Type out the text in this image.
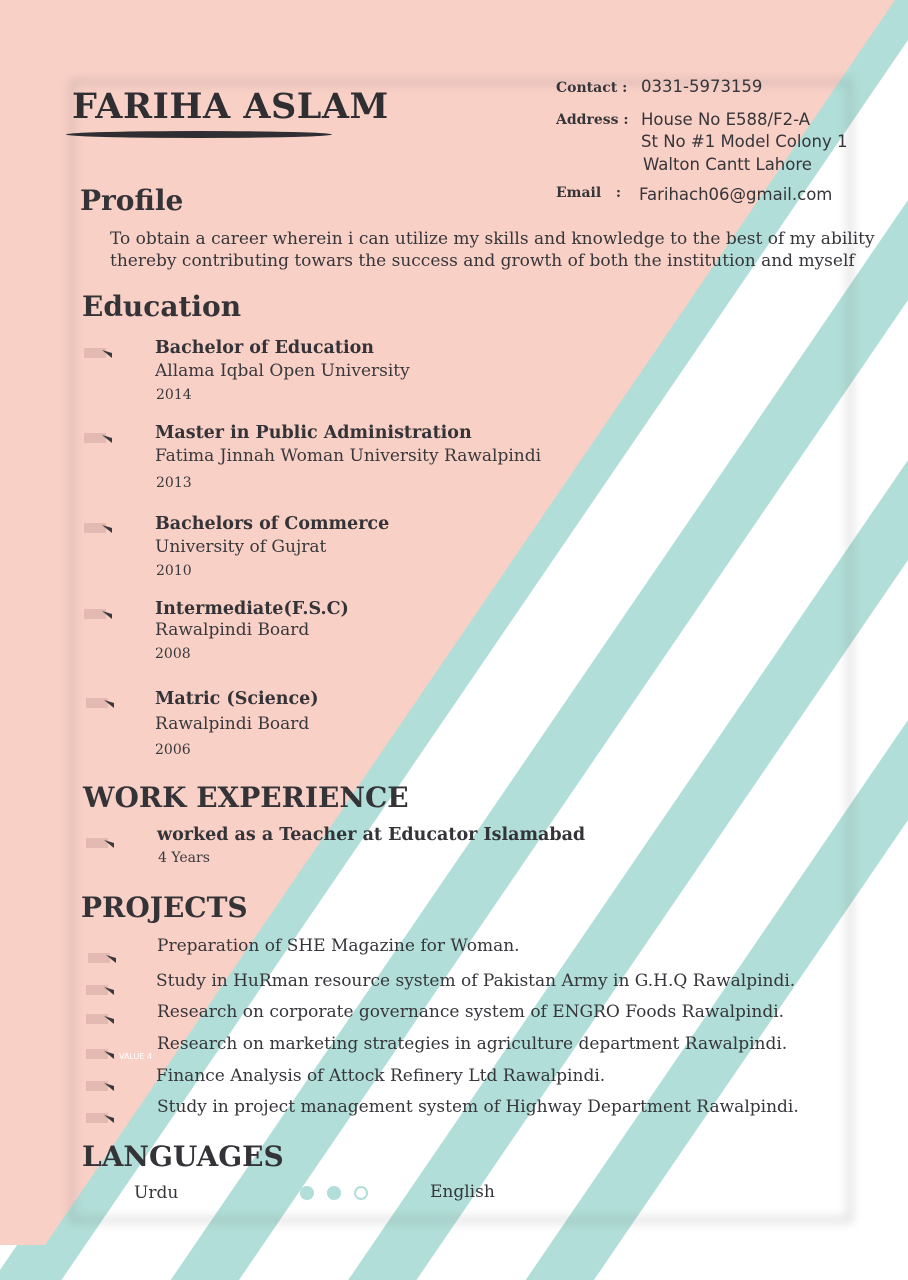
FARIHA ASLAM	Contact : 0331-5973159
Address : House No E588/F2-A
St No #1 Model Colony 1
Walton Cantt Lahore
Email   : Farihach06@gmail.com
Profile
To obtain a career wherein i can utilize my skills and knowledge to the best of my ability
thereby contributing towars the success and growth of both the institution and myself
Education
Bachelor of Education
Allama Iqbal Open University
2014
Master in Public Administration
Fatima Jinnah Woman University Rawalpindi
2013
Bachelors of Commerce
University of Gujrat
2010
Intermediate(F.S.C)
Rawalpindi Board
2008
Matric (Science)
Rawalpindi Board
2006
WORK EXPERIENCE
worked as a Teacher at Educator Islamabad
4 Years
PROJECTS
Preparation of SHE Magazine for Woman.
Study in HuRman resource system of Pakistan Army in G.H.Q Rawalpindi.
Research on corporate governance system of ENGRO Foods Rawalpindi.
VALUE 4
Research on marketing strategies in agriculture department Rawalpindi.
Finance Analysis of Attock Refinery Ltd Rawalpindi.
Study in project management system of Highway Department Rawalpindi.
LANGUAGES
Urdu	English
